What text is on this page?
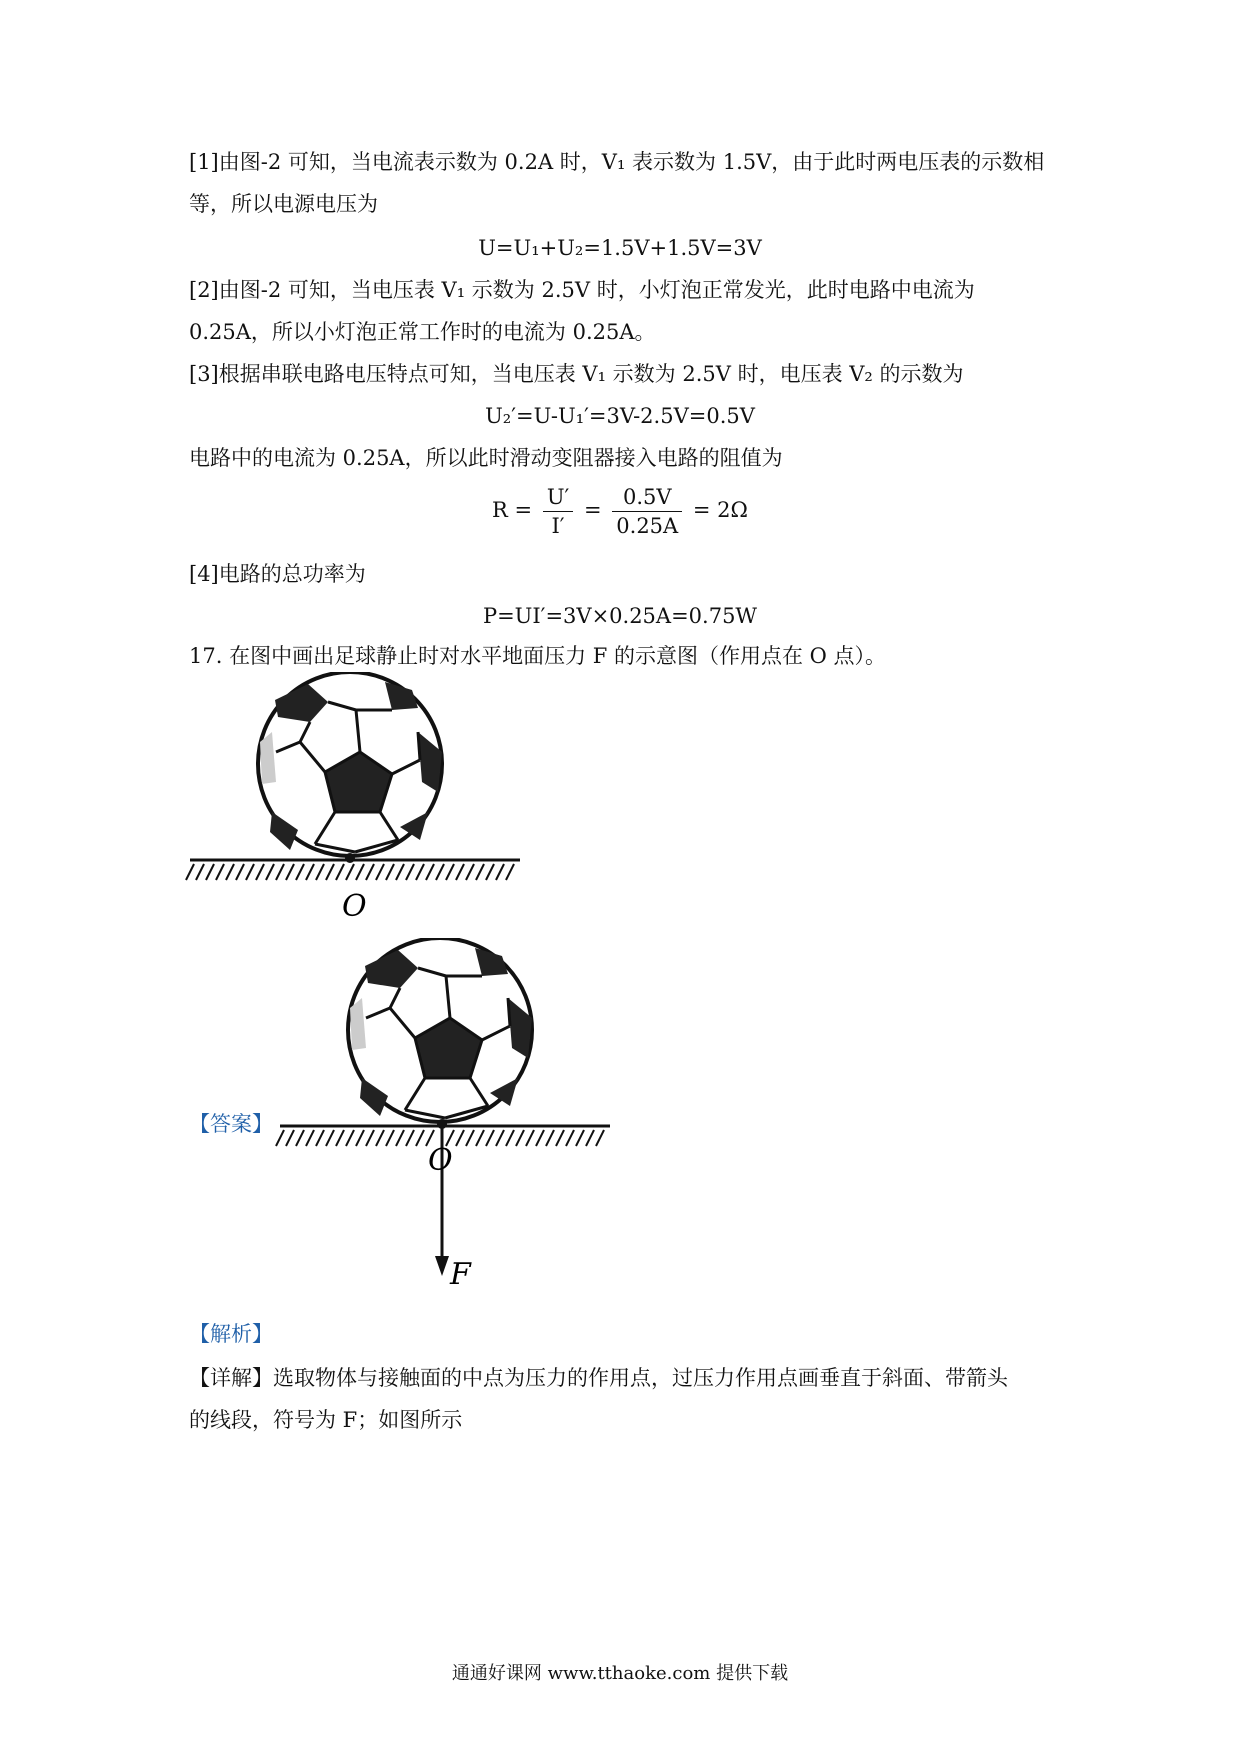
[1]由图-2 可知，当电流表示数为 0.2A 时，V₁ 表示数为 1.5V，由于此时两电压表的示数相
等，所以电源电压为
U=U₁+U₂=1.5V+1.5V=3V
[2]由图-2 可知，当电压表 V₁ 示数为 2.5V 时，小灯泡正常发光，此时电路中电流为
0.25A，所以小灯泡正常工作时的电流为 0.25A。
[3]根据串联电路电压特点可知，当电压表 V₁ 示数为 2.5V 时，电压表 V₂ 的示数为
U₂′=U-U₁′=3V-2.5V=0.5V
电路中的电流为 0.25A，所以此时滑动变阻器接入电路的阻值为
$R = \frac{U'}{I'} = \frac{0.5V}{0.25A} = 2\Omega$
[4]电路的总功率为
P=UI′=3V×0.25A=0.75W
17. 在图中画出足球静止时对水平地面压力 F 的示意图（作用点在 O 点）。
O
【答案】
O
F
【解析】
【详解】选取物体与接触面的中点为压力的作用点，过压力作用点画垂直于斜面、带箭头
的线段，符号为 F；如图所示
通通好课网 www.tthaoke.com 提供下载
